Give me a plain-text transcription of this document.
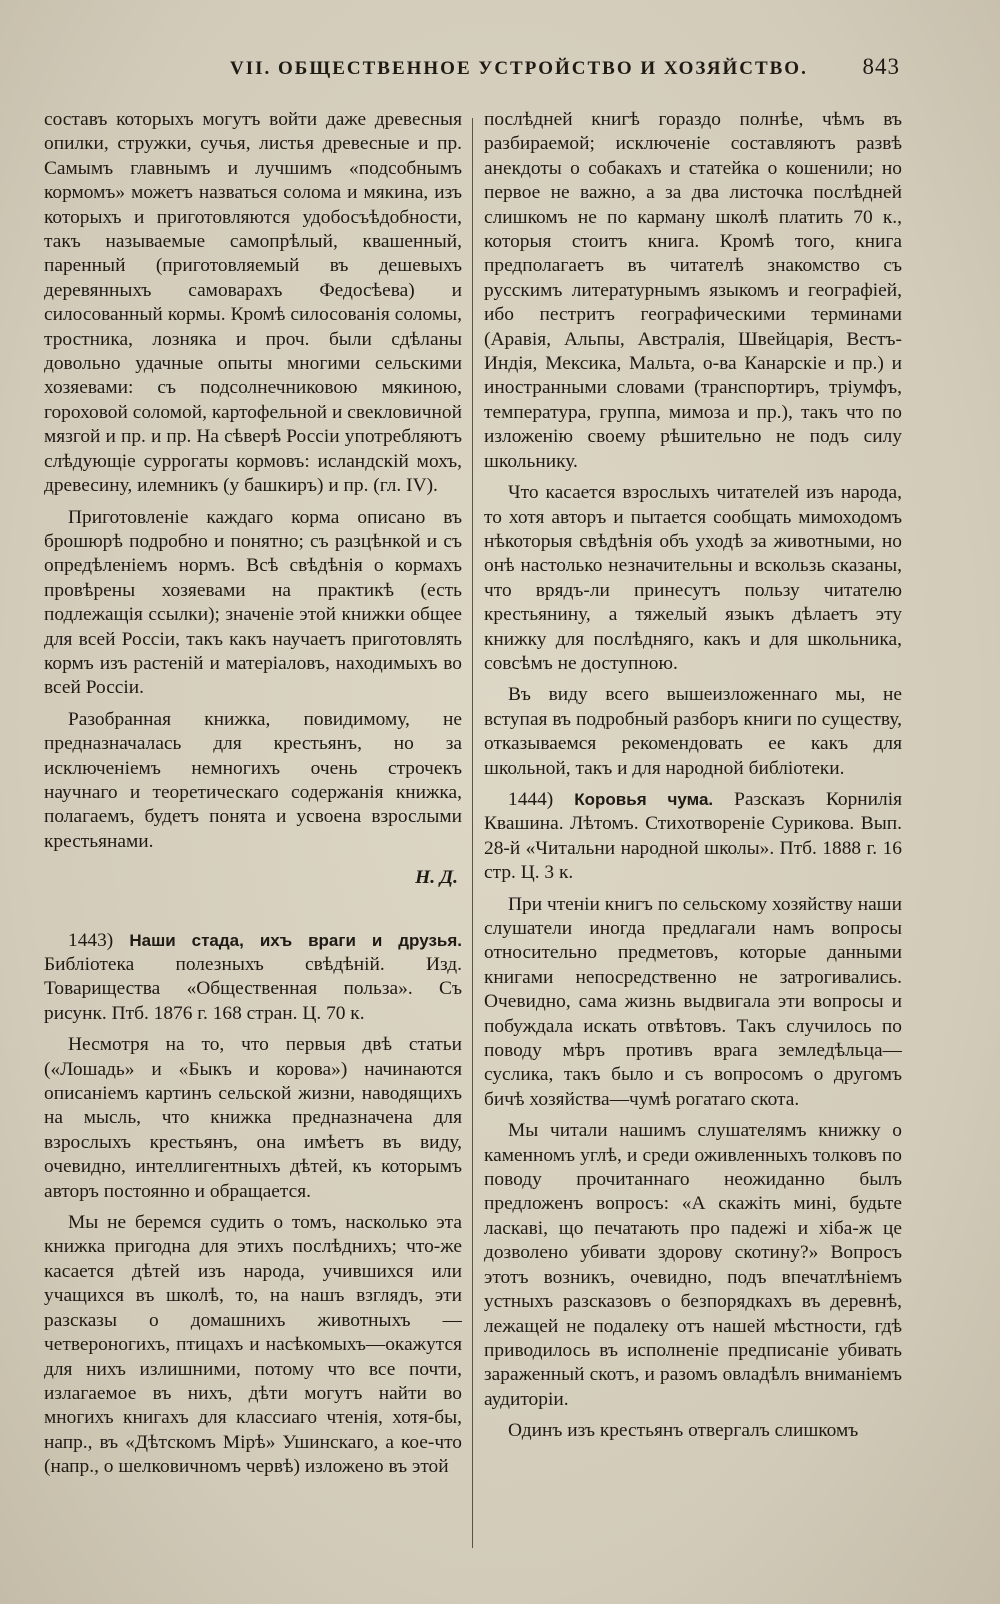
VII. ОБЩЕСТВЕННОЕ УСТРОЙСТВО И ХОЗЯЙСТВО. 843

составъ которыхъ могутъ войти даже древесныя опилки, стружки, сучья, листья древесные и пр. Самымъ главнымъ и лучшимъ «подсобнымъ кормомъ» можетъ назваться солома и мякина, изъ которыхъ и приготовляются удобосъѣдобности, такъ называемые самопрѣлый, квашенный, паренный (приготовляемый въ дешевыхъ деревянныхъ самоварахъ Федосѣева) и силосованный кормы. Кромѣ силосованія соломы, тростника, лозняка и проч. были сдѣланы довольно удачные опыты многими сельскими хозяевами: съ подсолнечниковою мякиною, гороховой соломой, картофельной и свекловичной мязгой и пр. и пр. На сѣверѣ Россіи употребляютъ слѣдующіе суррогаты кормовъ: исландскій мохъ, древесину, илемникъ (у башкиръ) и пр. (гл. IV).

Приготовленіе каждаго корма описано въ брошюрѣ подробно и понятно; съ разцѣнкой и съ опредѣленіемъ нормъ. Всѣ свѣдѣнія о кормахъ провѣрены хозяевами на практикѣ (есть подлежащія ссылки); значеніе этой книжки общее для всей Россіи, такъ какъ научаетъ приготовлять кормъ изъ растеній и матеріаловъ, находимыхъ во всей Россіи.

Разобранная книжка, повидимому, не предназначалась для крестьянъ, но за исключеніемъ немногихъ очень строчекъ научнаго и теоретическаго содержанія книжка, полагаемъ, будетъ понята и усвоена взрослыми крестьянами.

Н. Д.

1443) Наши стада, ихъ враги и друзья. Библіотека полезныхъ свѣдѣній. Изд. Товарищества «Общественная польза». Съ рисунк. Птб. 1876 г. 168 стран. Ц. 70 к.

Несмотря на то, что первыя двѣ статьи («Лошадь» и «Быкъ и корова») начинаются описаніемъ картинъ сельской жизни, наводящихъ на мысль, что книжка предназначена для взрослыхъ крестьянъ, она имѣетъ въ виду, очевидно, интеллигентныхъ дѣтей, къ которымъ авторъ постоянно и обращается.

Мы не беремся судить о томъ, насколько эта книжка пригодна для этихъ послѣднихъ; что-же касается дѣтей изъ народа, учившихся или учащихся въ школѣ, то, на нашъ взглядъ, эти разсказы о домашнихъ животныхъ — четвероногихъ, птицахъ и насѣкомыхъ—окажутся для нихъ излишними, потому что все почти, излагаемое въ нихъ, дѣти могутъ найти во многихъ книгахъ для классиаго чтенія, хотя-бы, напр., въ «Дѣтскомъ Мірѣ» Ушинскаго, а кое-что (напр., о шелковичномъ червѣ) изложено въ этой

послѣдней книгѣ гораздо полнѣе, чѣмъ въ разбираемой; исключеніе составляютъ развѣ анекдоты о собакахъ и статейка о кошенили; но первое не важно, а за два листочка послѣдней слишкомъ не по карману школѣ платить 70 к., которыя стоитъ книга. Кромѣ того, книга предполагаетъ въ читателѣ знакомство съ русскимъ литературнымъ языкомъ и географіей, ибо пестритъ географическими терминами (Аравія, Альпы, Австралія, Швейцарія, Вестъ-Индія, Мексика, Мальта, о-ва Канарскіе и пр.) и иностранными словами (транспортиръ, тріумфъ, температура, группа, мимоза и пр.), такъ что по изложенію своему рѣшительно не подъ силу школьнику.

Что касается взрослыхъ читателей изъ народа, то хотя авторъ и пытается сообщать мимоходомъ нѣкоторыя свѣдѣнія объ уходѣ за животными, но онѣ настолько незначительны и вскользь сказаны, что врядъ-ли принесутъ пользу читателю крестьянину, а тяжелый языкъ дѣлаетъ эту книжку для послѣдняго, какъ и для школьника, совсѣмъ не доступною.

Въ виду всего вышеизложеннаго мы, не вступая въ подробный разборъ книги по существу, отказываемся рекомендовать ее какъ для школьной, такъ и для народной библіотеки.

1444) Коровья чума. Разсказъ Корнилія Квашина. Лѣтомъ. Стихотвореніе Сурикова. Вып. 28-й «Читальни народной школы». Птб. 1888 г. 16 стр. Ц. 3 к.

При чтеніи книгъ по сельскому хозяйству наши слушатели иногда предлагали намъ вопросы относительно предметовъ, которые данными книгами непосредственно не затрогивались. Очевидно, сама жизнь выдвигала эти вопросы и побуждала искать отвѣтовъ. Такъ случилось по поводу мѣръ противъ врага земледѣльца—суслика, такъ было и съ вопросомъ о другомъ бичѣ хозяйства—чумѣ рогатаго скота.

Мы читали нашимъ слушателямъ книжку о каменномъ углѣ, и среди оживленныхъ толковъ по поводу прочитаннаго неожиданно былъ предложенъ вопросъ: «А скажіть мині, будьте ласкаві, що печатають про падежі и хіба-ж це дозволено убивати здорову скотину?» Вопросъ этотъ возникъ, очевидно, подъ впечатлѣніемъ устныхъ разсказовъ о безпорядкахъ въ деревнѣ, лежащей не подалеку отъ нашей мѣстности, гдѣ приводилось въ исполненіе предписаніе убивать зараженный скотъ, и разомъ овладѣлъ вниманіемъ аудиторіи.

Одинъ изъ крестьянъ отвергалъ слишкомъ
